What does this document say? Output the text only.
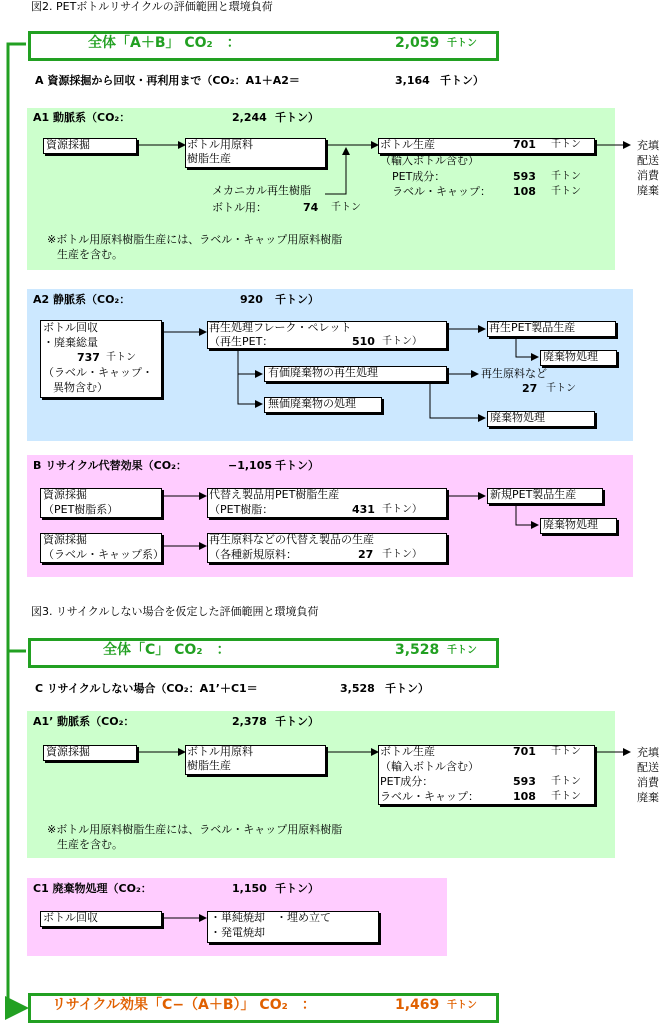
図2. PETボトルリサイクルの評価範囲と環境負荷
全体「A＋B」 CO₂　：	2,059 千トン
A 資源採掘から回収・再利用まで（CO₂：A1＋A2＝	3,164 千トン）
A1 動脈系（CO₂：	2,244 千トン）
資源採掘	ボトル用原料
樹脂生産
メカニカル再生樹脂
ボトル用：	74 千トン
ボトル生産	701 千トン
（輸入ボトル含む）
PET成分：	593 千トン
ラベル・キャップ： 108 千トン
充填
配送
消費
廃棄
※ボトル用原料樹脂生産には、ラベル・キャップ用原料樹脂
生産を含む。
A2 静脈系（CO₂：	920 千トン）
ボトル回収
・廃棄総量
737 千トン
（ラベル・キャップ・
異物含む）
再生処理フレーク・ペレット
（再生PET：	510 千トン）
再生PET製品生産
廃棄物処理
有価廃棄物の再生処理	再生原料など
27 千トン
無価廃棄物の処理
廃棄物処理
B リサイクル代替効果（CO₂：	−1,105 千トン）
資源採掘
（PET樹脂系）
代替え製品用PET樹脂生産
（PET樹脂：	431 千トン）
新規PET製品生産
廃棄物処理
資源採掘
（ラベル・キャップ系）
再生原料などの代替え製品の生産
（各種新規原料：	27 千トン）
図3. リサイクルしない場合を仮定した評価範囲と環境負荷
全体「C」 CO₂　：	3,528 千トン
C リサイクルしない場合（CO₂：A1’＋C1＝	3,528 千トン）
A1’ 動脈系（CO₂：	2,378 千トン）
資源採掘	ボトル用原料
樹脂生産
ボトル生産	701 千トン
（輸入ボトル含む）
PET成分：	593 千トン
ラベル・キャップ：	108 千トン
充填
配送
消費
廃棄
※ボトル用原料樹脂生産には、ラベル・キャップ用原料樹脂
生産を含む。
C1 廃棄物処理（CO₂：	1,150 千トン）
ボトル回収	・単純焼却　・埋め立て
・発電焼却
リサイクル効果「C−（A＋B）」 CO₂　：	1,469 千トン
